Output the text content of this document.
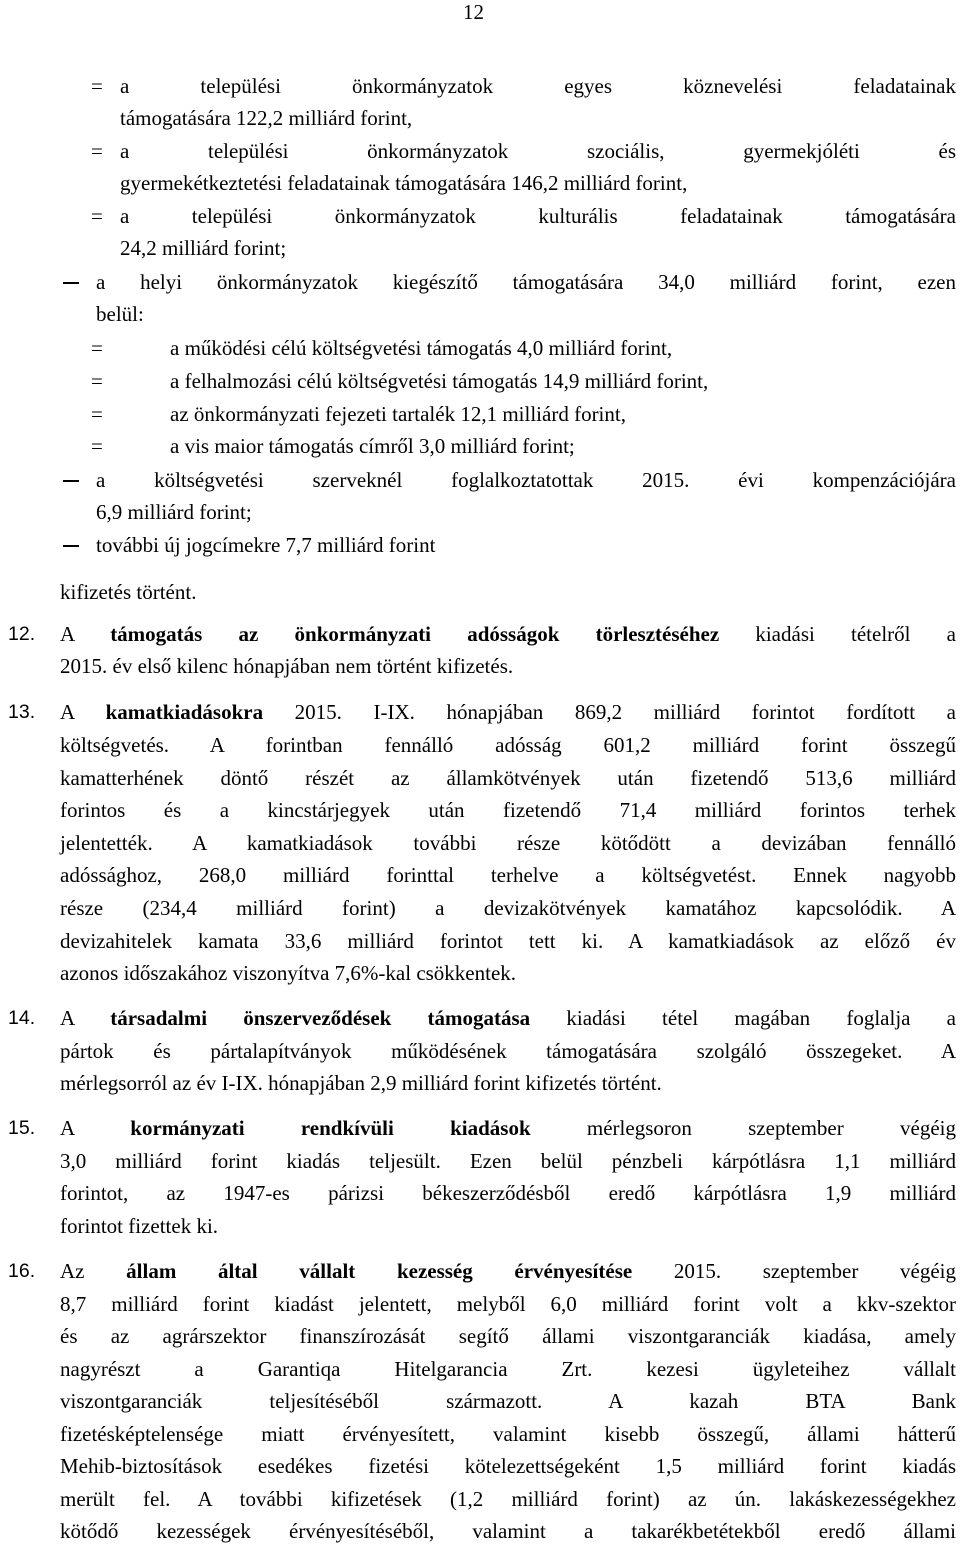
12
= a települési önkormányzatok egyes köznevelési feladatainak
támogatására 122,2 milliárd forint,
= a települési önkormányzatok szociális, gyermekjóléti és
gyermekétkeztetési feladatainak támogatására 146,2 milliárd forint,
= a települési önkormányzatok kulturális feladatainak támogatására
24,2 milliárd forint;
a helyi önkormányzatok kiegészítő támogatására 34,0 milliárd forint, ezen
belül:
=	a működési célú költségvetési támogatás 4,0 milliárd forint,
=	a felhalmozási célú költségvetési támogatás 14,9 milliárd forint,
=	az önkormányzati fejezeti tartalék 12,1 milliárd forint,
=	a vis maior támogatás címről 3,0 milliárd forint;
a költségvetési szerveknél foglalkoztatottak 2015. évi kompenzációjára
6,9 milliárd forint;
további új jogcímekre 7,7 milliárd forint
kifizetés történt.
12. A támogatás az önkormányzati adósságok törlesztéséhez kiadási tételről a
2015. év első kilenc hónapjában nem történt kifizetés.
13. A kamatkiadásokra 2015. I-IX. hónapjában 869,2 milliárd forintot fordított a
költségvetés. A forintban fennálló adósság 601,2 milliárd forint összegű
kamatterhének döntő részét az államkötvények után fizetendő 513,6 milliárd
forintos és a kincstárjegyek után fizetendő 71,4 milliárd forintos terhek
jelentették. A kamatkiadások további része kötődött a devizában fennálló
adóssághoz, 268,0 milliárd forinttal terhelve a költségvetést. Ennek nagyobb
része (234,4 milliárd forint) a devizakötvények kamatához kapcsolódik. A
devizahitelek kamata 33,6 milliárd forintot tett ki. A kamatkiadások az előző év
azonos időszakához viszonyítva 7,6%-kal csökkentek.
14. A társadalmi önszerveződések támogatása kiadási tétel magában foglalja a
pártok és pártalapítványok működésének támogatására szolgáló összegeket. A
mérlegsorról az év I-IX. hónapjában 2,9 milliárd forint kifizetés történt.
15. A kormányzati rendkívüli kiadások mérlegsoron szeptember végéig
3,0 milliárd forint kiadás teljesült. Ezen belül pénzbeli kárpótlásra 1,1 milliárd
forintot, az 1947-es párizsi békeszerződésből eredő kárpótlásra 1,9 milliárd
forintot fizettek ki.
16. Az állam által vállalt kezesség érvényesítése 2015. szeptember végéig
8,7 milliárd forint kiadást jelentett, melyből 6,0 milliárd forint volt a kkv-szektor
és az agrárszektor finanszírozását segítő állami viszontgaranciák kiadása, amely
nagyrészt a Garantiqa Hitelgarancia Zrt. kezesi ügyleteihez vállalt
viszontgaranciák teljesítéséből származott. A kazah BTA Bank
fizetésképtelensége miatt érvényesített, valamint kisebb összegű, állami hátterű
Mehib-biztosítások esedékes fizetési kötelezettségeként 1,5 milliárd forint kiadás
merült fel. A további kifizetések (1,2 milliárd forint) az ún. lakáskezességekhez
kötődő kezességek érvényesítéséből, valamint a takarékbetétekből eredő állami
